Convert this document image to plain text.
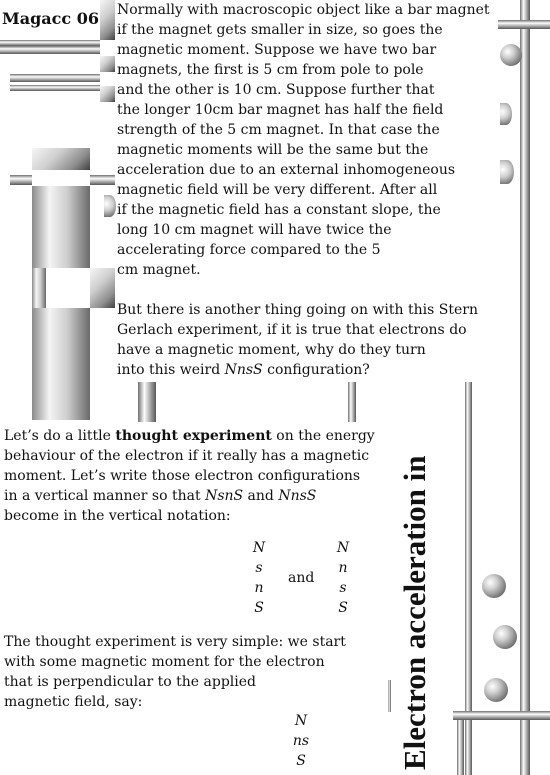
Magacc 06
Electron acceleration in
Normally with macroscopic object like a bar magnet
if the magnet gets smaller in size, so goes the
magnetic moment. Suppose we have two bar
magnets, the first is 5 cm from pole to pole
and the other is 10 cm. Suppose further that
the longer 10cm bar magnet has half the field
strength of the 5 cm magnet. In that case the
magnetic moments will be the same but the
acceleration due to an external inhomogeneous
magnetic field will be very different. After all
if the magnetic field has a constant slope, the
long 10 cm magnet will have twice the
accelerating force compared to the 5
cm magnet.
But there is another thing going on with this Stern
Gerlach experiment, if it is true that electrons do
have a magnetic moment, why do they turn
into this weird NnsS configuration?
Let’s do a little thought experiment on the energy
behaviour of the electron if it really has a magnetic
moment. Let’s write those electron configurations
in a vertical manner so that NsnS and NnsS
become in the vertical notation:
N
s
n
S
and
N
n
s
S
The thought experiment is very simple: we start
with some magnetic moment for the electron
that is perpendicular to the applied
magnetic field, say:
N
ns
S
